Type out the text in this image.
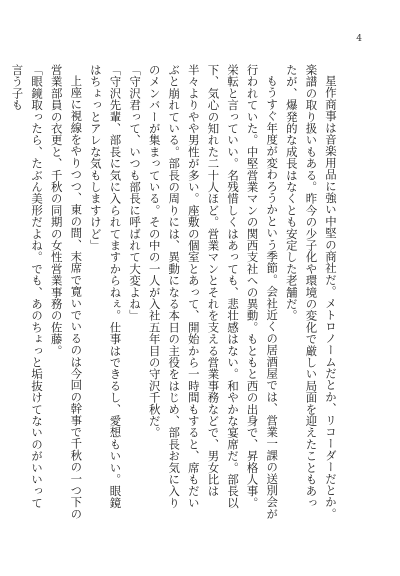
4

星作商事は音楽用品に強い中堅の商社だ。メトロノームだとか、リコーダーだとか。楽譜の取り扱いもある。昨今の少子化や環境の変化で厳しい局面を迎えたこともあったが、爆発的な成長はなくとも安定した老舗だ。

もうすぐ年度が変わろうかという季節。会社近くの居酒屋では、営業一課の送別会が行われていた。中堅営業マンの関西支社への異動。もともと西の出身で、昇格人事。栄転と言っていい。名残惜しくはあっても、悲壮感はない。和やかな宴席だ。部長以下、気心の知れた二十人ほど。営業マンとそれを支える営業事務などで、男女比は半々よりやや男性が多い。座敷の個室とあって、開始から一時間もすると、席もだいぶと崩れている。部長の周りには、異動になる本日の主役をはじめ、部長お気に入りのメンバーが集まっている。その中の一人が入社五年目の守沢千秋だ。

「守沢君って、いつも部長に呼ばれて大変よね」

「守沢先輩、部長に気に入られてますからねぇ。仕事はできるし、愛想もいい。眼鏡はちょっとアレな気もしますけど」

上座に視線をやりつつ、東の間、末席で寛いでいるのは今回の幹事で千秋の一つ下の営業部員の衣更と、千秋の同期の女性営業事務の佐藤。

「眼鏡取ったら、たぶん美形だよね。でも、あのちょっと垢抜けてないのがいいって言う子も
